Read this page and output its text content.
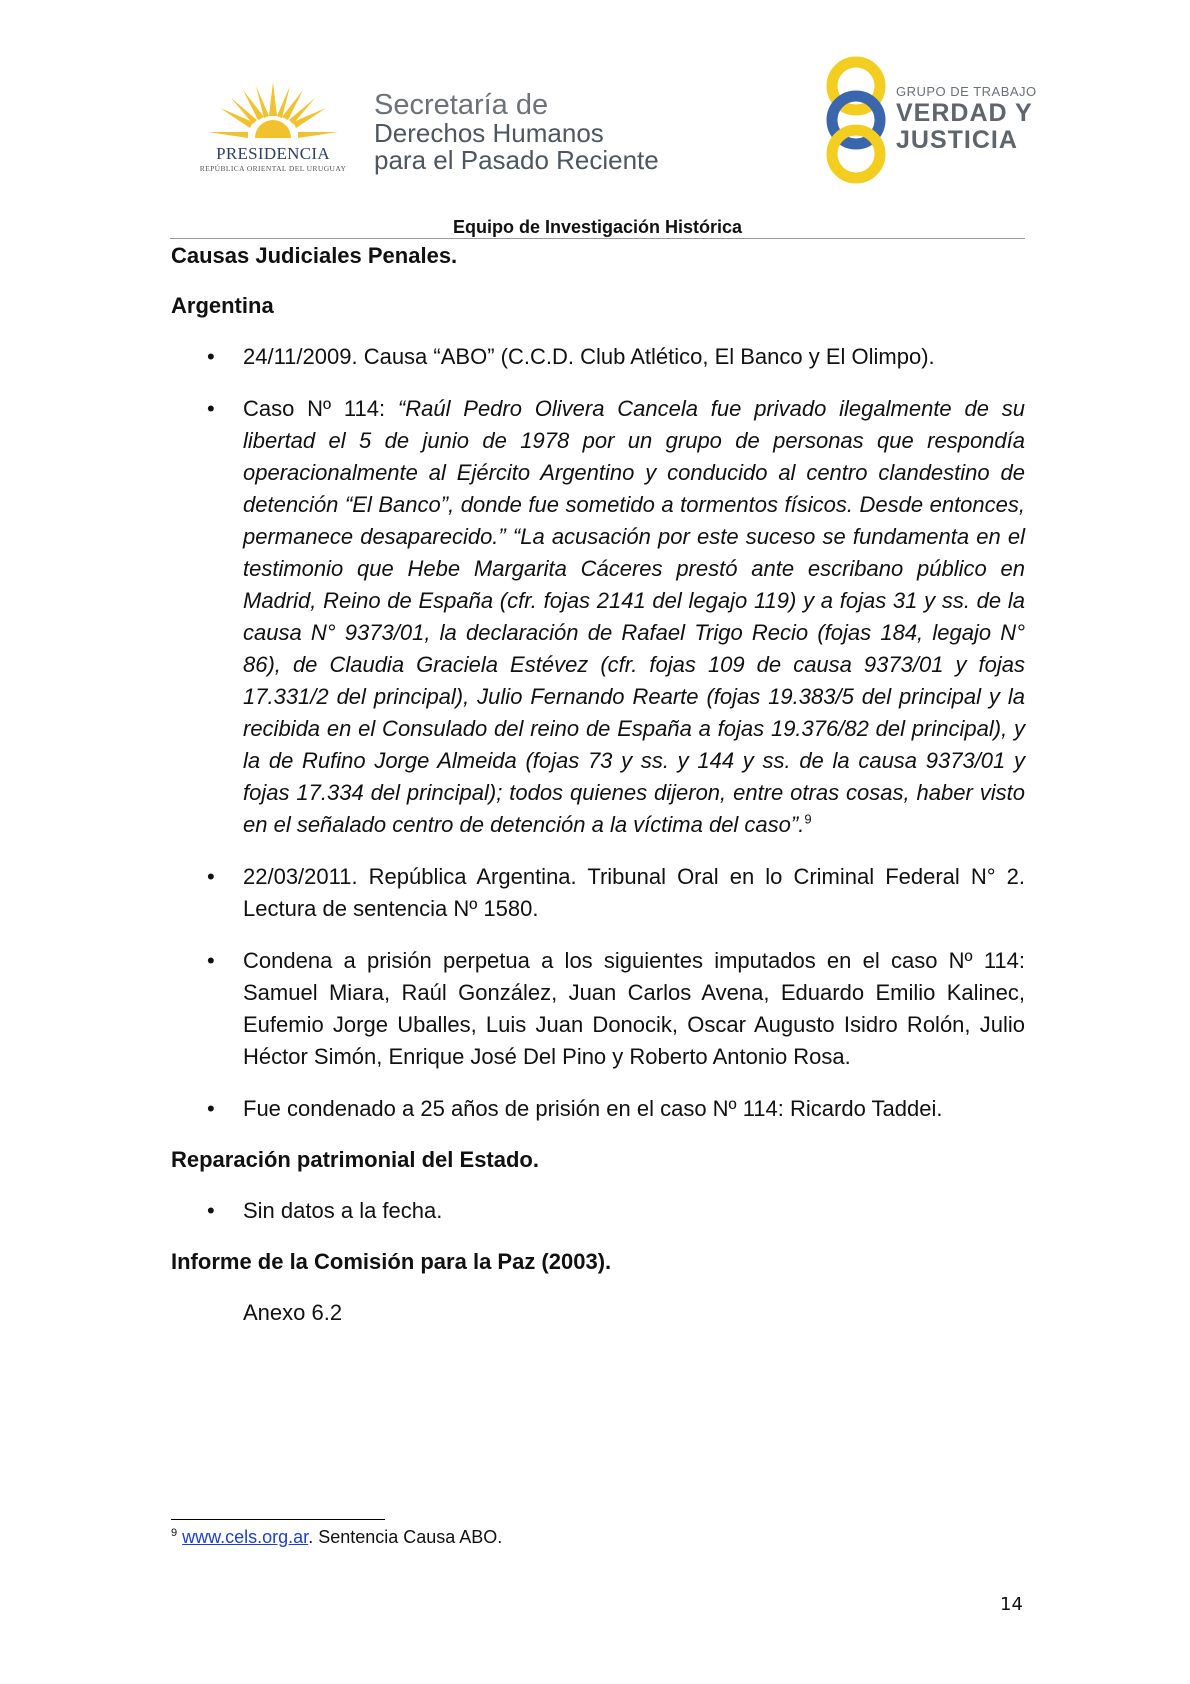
PRESIDENCIA
REPÚBLICA ORIENTAL DEL URUGUAY
Secretaría de
Derechos Humanos
para el Pasado Reciente
GRUPO DE TRABAJO
VERDAD Y
JUSTICIA
Equipo de Investigación Histórica

Causas Judiciales Penales.

Argentina

• 24/11/2009. Causa “ABO” (C.C.D. Club Atlético, El Banco y El Olimpo).
• Caso Nº 114: “Raúl Pedro Olivera Cancela fue privado ilegalmente de su libertad el 5 de junio de 1978 por un grupo de personas que respondía operacionalmente al Ejército Argentino y conducido al centro clandestino de detención “El Banco”, donde fue sometido a tormentos físicos. Desde entonces, permanece desaparecido.” “La acusación por este suceso se fundamenta en el testimonio que Hebe Margarita Cáceres prestó ante escribano público en Madrid, Reino de España (cfr. fojas 2141 del legajo 119) y a fojas 31 y ss. de la causa N° 9373/01, la declaración de Rafael Trigo Recio (fojas 184, legajo N° 86), de Claudia Graciela Estévez (cfr. fojas 109 de causa 9373/01 y fojas 17.331/2 del principal), Julio Fernando Rearte (fojas 19.383/5 del principal y la recibida en el Consulado del reino de España a fojas 19.376/82 del principal), y la de Rufino Jorge Almeida (fojas 73 y ss. y 144 y ss. de la causa 9373/01 y fojas 17.334 del principal); todos quienes dijeron, entre otras cosas, haber visto en el señalado centro de detención a la víctima del caso”.$^9$
• 22/03/2011. República Argentina. Tribunal Oral en lo Criminal Federal N° 2. Lectura de sentencia Nº 1580.
• Condena a prisión perpetua a los siguientes imputados en el caso Nº 114: Samuel Miara, Raúl González, Juan Carlos Avena, Eduardo Emilio Kalinec, Eufemio Jorge Uballes, Luis Juan Donocik, Oscar Augusto Isidro Rolón, Julio Héctor Simón, Enrique José Del Pino y Roberto Antonio Rosa.
• Fue condenado a 25 años de prisión en el caso Nº 114: Ricardo Taddei.

Reparación patrimonial del Estado.

• Sin datos a la fecha.

Informe de la Comisión para la Paz (2003).

Anexo 6.2
$^9$ www.cels.org.ar. Sentencia Causa ABO.
14
